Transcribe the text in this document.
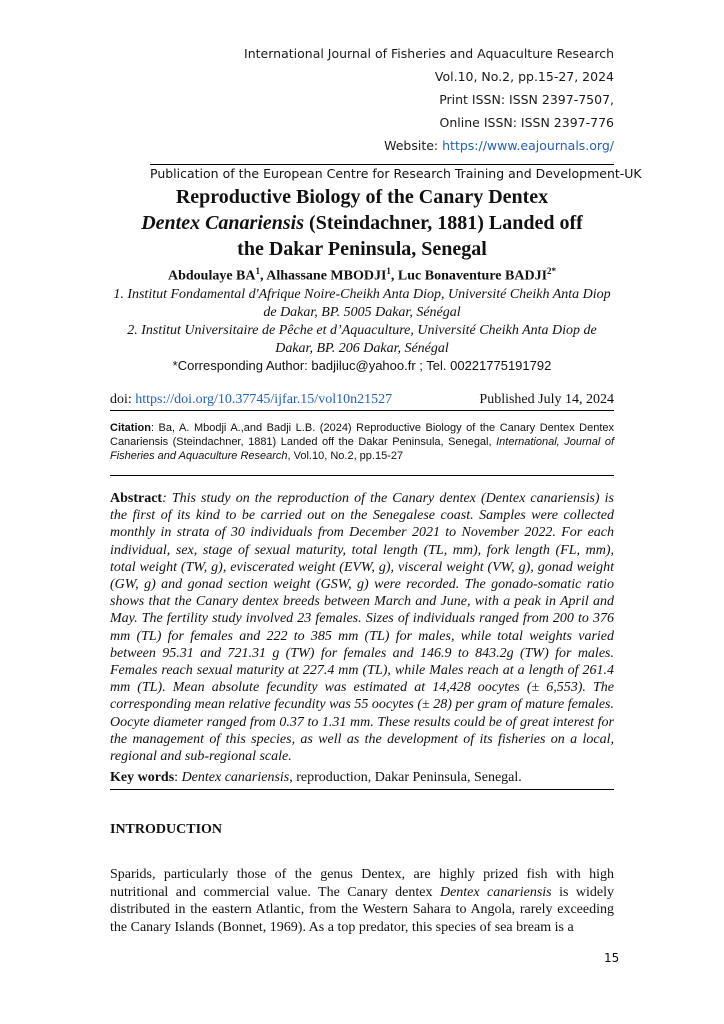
International Journal of Fisheries and Aquaculture Research
Vol.10, No.2, pp.15-27, 2024
Print ISSN: ISSN 2397-7507,
Online ISSN: ISSN 2397-776
Website: https://www.eajournals.org/
Publication of the European Centre for Research Training and Development-UK
Reproductive Biology of the Canary Dentex
Dentex Canariensis (Steindachner, 1881) Landed off
the Dakar Peninsula, Senegal
Abdoulaye $BA^1$, Alhassane MBODJI$^1$, Luc Bonaventure $BADJI^{2*}$
1. Institut Fondamental d'Afrique Noire-Cheikh Anta Diop, Université Cheikh Anta Diop de Dakar, BP. 5005 Dakar, Sénégal
2. Institut Universitaire de Pêche et d’Aquaculture, Université Cheikh Anta Diop de Dakar, BP. 206 Dakar, Sénégal
*Corresponding Author: badjiluc@yahoo.fr ; Tel. 00221775191792
doi: https://doi.org/10.37745/ijfar.15/vol10n21527	Published July 14, 2024
Citation: Ba, A. Mbodji A.,and Badji L.B. (2024) Reproductive Biology of the Canary Dentex Dentex Canariensis (Steindachner, 1881) Landed off the Dakar Peninsula, Senegal, International, Journal of Fisheries and Aquaculture Research, Vol.10, No.2, pp.15-27
Abstract: This study on the reproduction of the Canary dentex (Dentex canariensis) is the first of its kind to be carried out on the Senegalese coast. Samples were collected monthly in strata of 30 individuals from December 2021 to November 2022. For each individual, sex, stage of sexual maturity, total length (TL, mm), fork length (FL, mm), total weight (TW, g), eviscerated weight (EVW, g), visceral weight (VW, g), gonad weight (GW, g) and gonad section weight (GSW, g) were recorded. The gonado-somatic ratio shows that the Canary dentex breeds between March and June, with a peak in April and May. The fertility study involved 23 females. Sizes of individuals ranged from 200 to 376 mm (TL) for females and 222 to 385 mm (TL) for males, while total weights varied between 95.31 and 721.31 g (TW) for females and 146.9 to 843.2g (TW) for males. Females reach sexual maturity at 227.4 mm (TL), while Males reach at a length of 261.4 mm (TL). Mean absolute fecundity was estimated at 14,428 oocytes (± 6,553). The corresponding mean relative fecundity was 55 oocytes (± 28) per gram of mature females. Oocyte diameter ranged from 0.37 to 1.31 mm. These results could be of great interest for the management of this species, as well as the development of its fisheries on a local, regional and sub-regional scale.
Key words: Dentex canariensis, reproduction, Dakar Peninsula, Senegal.
INTRODUCTION
Sparids, particularly those of the genus Dentex, are highly prized fish with high nutritional and commercial value. The Canary dentex Dentex canariensis is widely distributed in the eastern Atlantic, from the Western Sahara to Angola, rarely exceeding the Canary Islands (Bonnet, 1969). As a top predator, this species of sea bream is a
15
